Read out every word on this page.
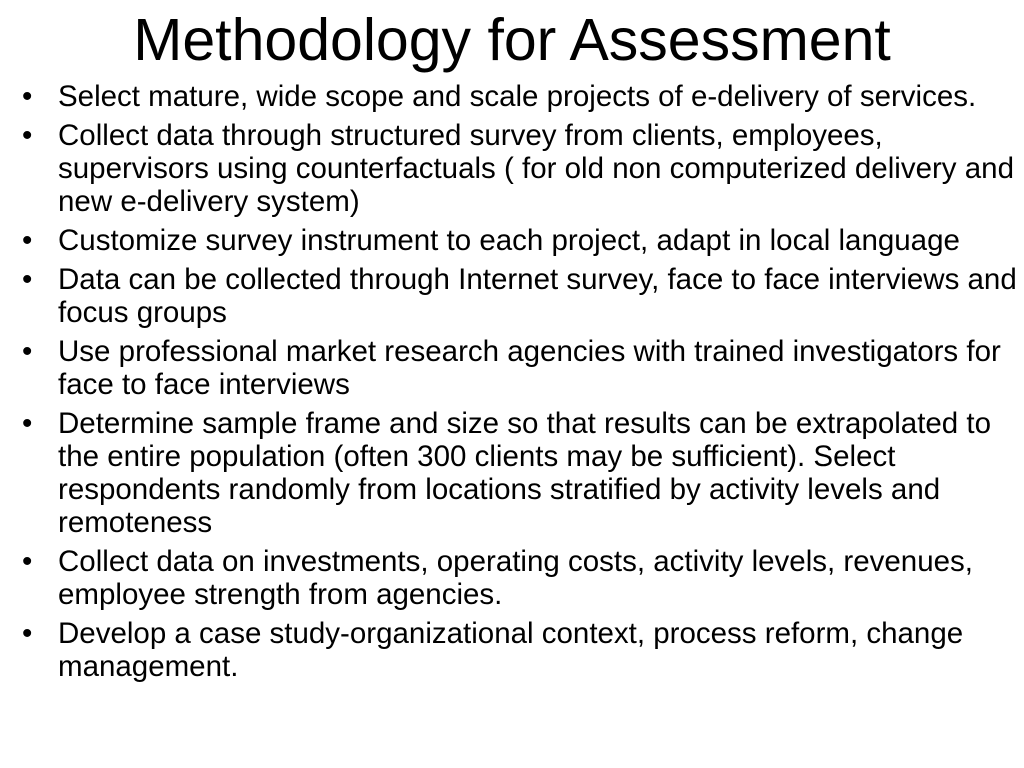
Methodology for Assessment
• Select mature, wide scope and scale projects of e-delivery of services.
• Collect data through structured survey from clients, employees, supervisors using counterfactuals ( for old non computerized delivery and new e-delivery system)
• Customize survey instrument to each project, adapt in local language
• Data can be collected through Internet survey, face to face interviews and focus groups
• Use professional market research agencies with trained investigators for face to face interviews
• Determine sample frame and size so that results can be extrapolated to the entire population (often 300 clients may be sufficient). Select respondents randomly from locations stratified by activity levels and remoteness
• Collect data on investments, operating costs, activity levels, revenues, employee strength from agencies.
• Develop a case study-organizational context, process reform, change management.
